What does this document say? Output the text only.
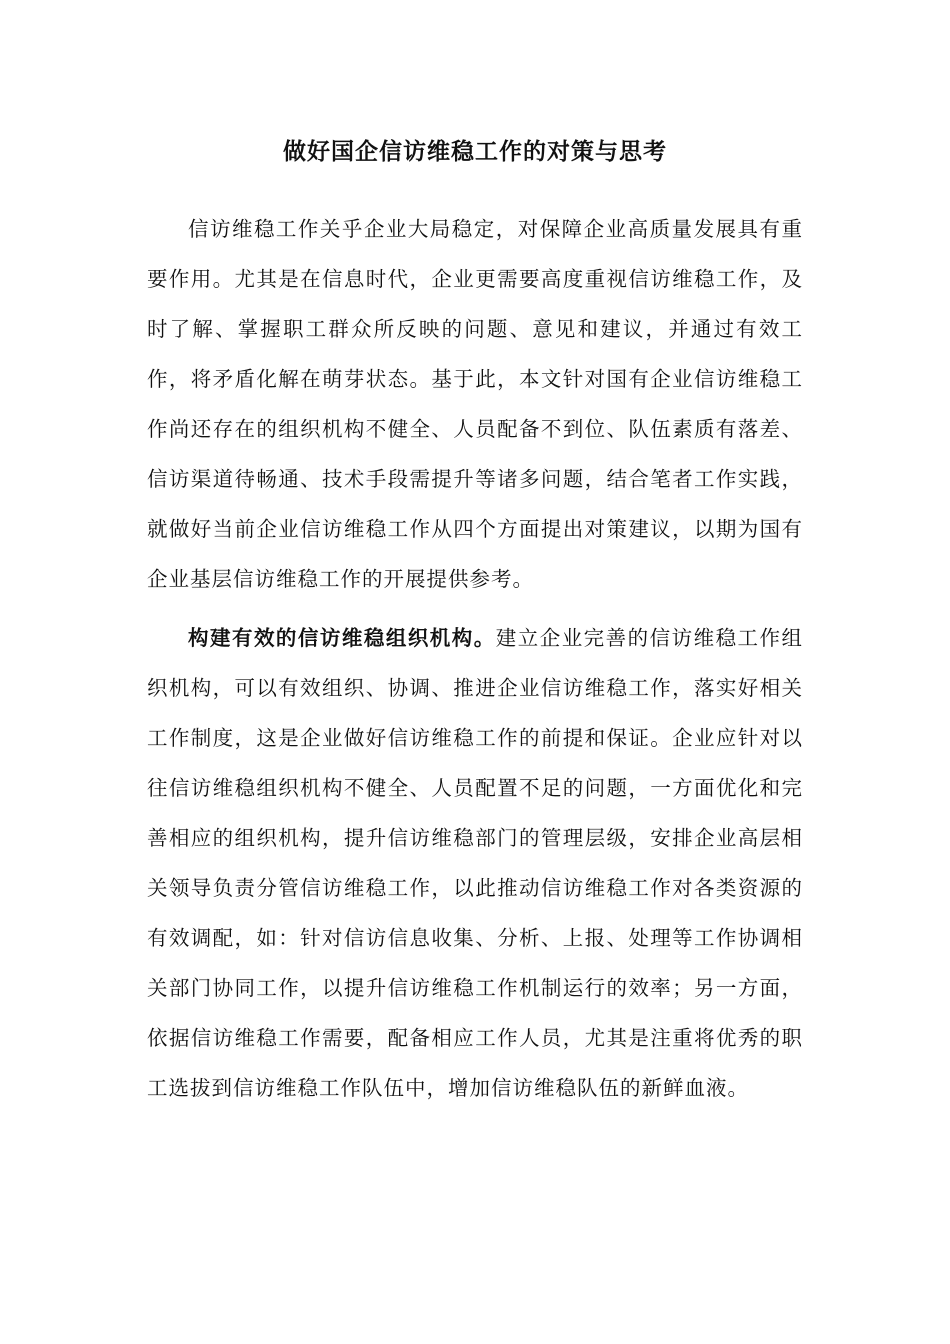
做好国企信访维稳工作的对策与思考

信访维稳工作关乎企业大局稳定，对保障企业高质量发展具有重要作用。尤其是在信息时代，企业更需要高度重视信访维稳工作，及时了解、掌握职工群众所反映的问题、意见和建议，并通过有效工作，将矛盾化解在萌芽状态。基于此，本文针对国有企业信访维稳工作尚还存在的组织机构不健全、人员配备不到位、队伍素质有落差、信访渠道待畅通、技术手段需提升等诸多问题，结合笔者工作实践，就做好当前企业信访维稳工作从四个方面提出对策建议，以期为国有企业基层信访维稳工作的开展提供参考。

构建有效的信访维稳组织机构。建立企业完善的信访维稳工作组织机构，可以有效组织、协调、推进企业信访维稳工作，落实好相关工作制度，这是企业做好信访维稳工作的前提和保证。企业应针对以往信访维稳组织机构不健全、人员配置不足的问题，一方面优化和完善相应的组织机构，提升信访维稳部门的管理层级，安排企业高层相关领导负责分管信访维稳工作，以此推动信访维稳工作对各类资源的有效调配，如：针对信访信息收集、分析、上报、处理等工作协调相关部门协同工作，以提升信访维稳工作机制运行的效率；另一方面，依据信访维稳工作需要，配备相应工作人员，尤其是注重将优秀的职工选拔到信访维稳工作队伍中，增加信访维稳队伍的新鲜血液。
